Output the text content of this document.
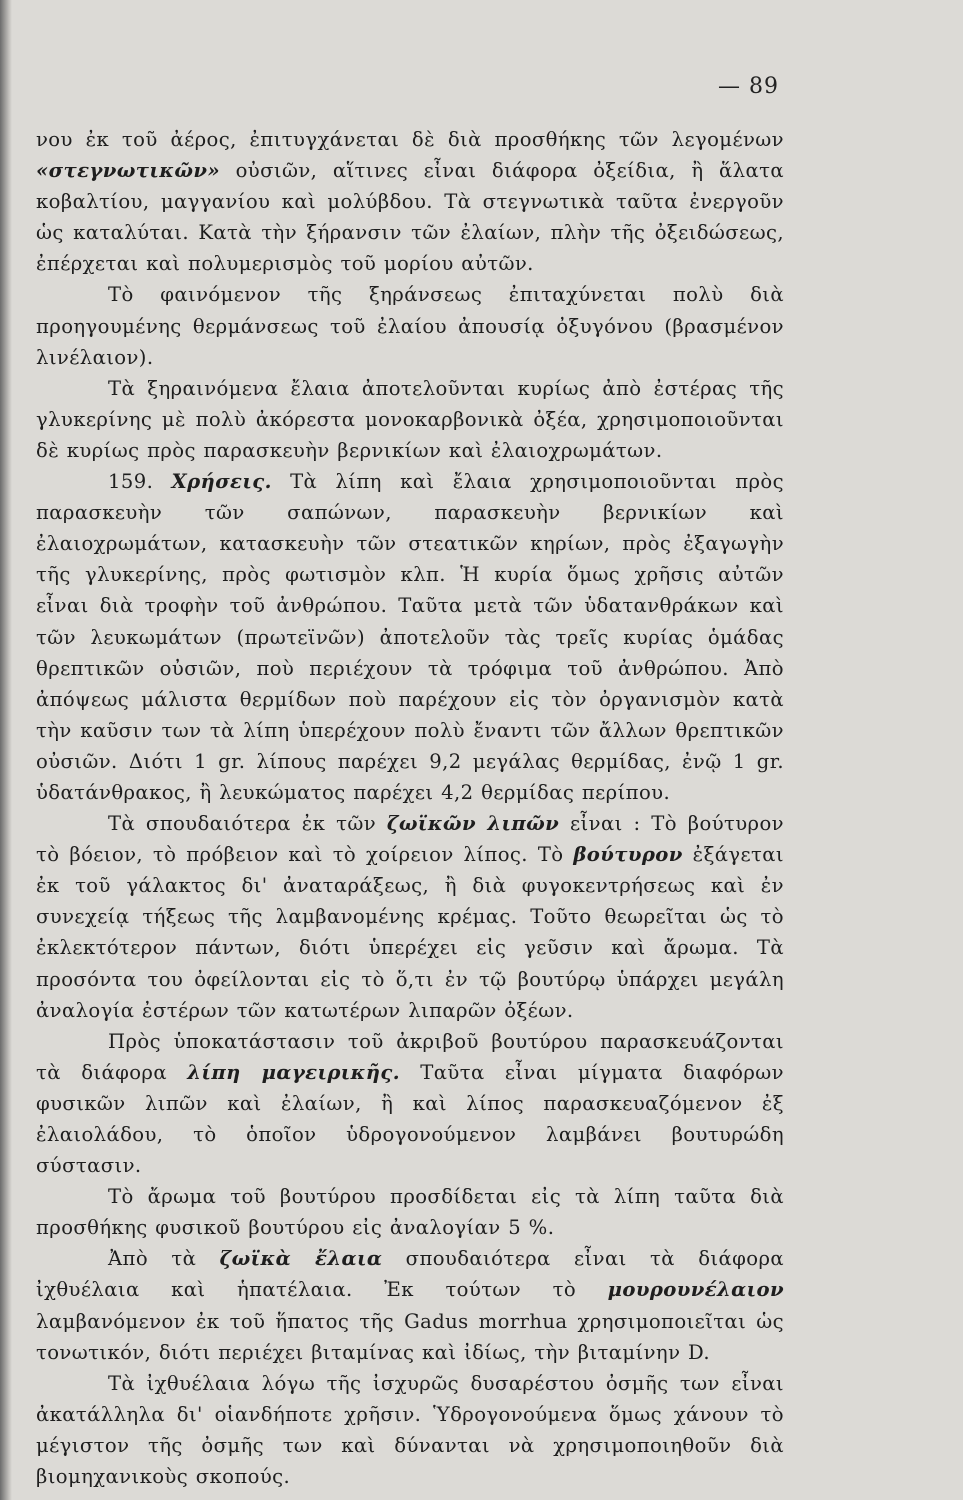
— 89

νου ἐκ τοῦ ἀέρος, ἐπιτυγχάνεται δὲ διὰ προσθήκης τῶν λεγομένων «στεγνωτικῶν» οὐσιῶν, αἵτινες εἶναι διάφορα ὀξείδια, ἢ ἅλατα κοβαλτίου, μαγγανίου καὶ μολύβδου. Τὰ στεγνωτικὰ ταῦτα ἐνεργοῦν ὡς καταλύται. Κατὰ τὴν ξήρανσιν τῶν ἐλαίων, πλὴν τῆς ὀξειδώσεως, ἐπέρχεται καὶ πολυμερισμὸς τοῦ μορίου αὐτῶν.

Τὸ φαινόμενον τῆς ξηράνσεως ἐπιταχύνεται πολὺ διὰ προηγουμένης θερμάνσεως τοῦ ἐλαίου ἀπουσίᾳ ὀξυγόνου (βρασμένον λινέλαιον).

Τὰ ξηραινόμενα ἔλαια ἀποτελοῦνται κυρίως ἀπὸ ἐστέρας τῆς γλυκερίνης μὲ πολὺ ἀκόρεστα μονοκαρβονικὰ ὀξέα, χρησιμοποιοῦνται δὲ κυρίως πρὸς παρασκευὴν βερνικίων καὶ ἐλαιοχρωμάτων.

159. Χρήσεις. Τὰ λίπη καὶ ἔλαια χρησιμοποιοῦνται πρὸς παρασκευὴν τῶν σαπώνων, παρασκευὴν βερνικίων καὶ ἐλαιοχρωμάτων, κατασκευὴν τῶν στεατικῶν κηρίων, πρὸς ἐξαγωγὴν τῆς γλυκερίνης, πρὸς φωτισμὸν κλπ. Ἡ κυρία ὅμως χρῆσις αὐτῶν εἶναι διὰ τροφὴν τοῦ ἀνθρώπου. Ταῦτα μετὰ τῶν ὑδατανθράκων καὶ τῶν λευκωμάτων (πρωτεϊνῶν) ἀποτελοῦν τὰς τρεῖς κυρίας ὁμάδας θρεπτικῶν οὐσιῶν, ποὺ περιέχουν τὰ τρόφιμα τοῦ ἀνθρώπου. Ἀπὸ ἀπόψεως μάλιστα θερμίδων ποὺ παρέχουν εἰς τὸν ὀργανισμὸν κατὰ τὴν καῦσιν των τὰ λίπη ὑπερέχουν πολὺ ἔναντι τῶν ἄλλων θρεπτικῶν οὐσιῶν. Διότι 1 gr. λίπους παρέχει 9,2 μεγάλας θερμίδας, ἐνῷ 1 gr. ὑδατάνθρακος, ἢ λευκώματος παρέχει 4,2 θερμίδας περίπου.

Τὰ σπουδαιότερα ἐκ τῶν ζωϊκῶν λιπῶν εἶναι : Τὸ βούτυρον τὸ βόειον, τὸ πρόβειον καὶ τὸ χοίρειον λίπος. Τὸ βούτυρον ἐξάγεται ἐκ τοῦ γάλακτος δι' ἀναταράξεως, ἢ διὰ φυγοκεντρήσεως καὶ ἐν συνεχείᾳ τήξεως τῆς λαμβανομένης κρέμας. Τοῦτο θεωρεῖται ὡς τὸ ἐκλεκτότερον πάντων, διότι ὑπερέχει εἰς γεῦσιν καὶ ἄρωμα. Τὰ προσόντα του ὀφείλονται εἰς τὸ ὅ,τι ἐν τῷ βουτύρῳ ὑπάρχει μεγάλη ἀναλογία ἐστέρων τῶν κατωτέρων λιπαρῶν ὀξέων.

Πρὸς ὑποκατάστασιν τοῦ ἀκριβοῦ βουτύρου παρασκευάζονται τὰ διάφορα λίπη μαγειρικῆς. Ταῦτα εἶναι μίγματα διαφόρων φυσικῶν λιπῶν καὶ ἐλαίων, ἢ καὶ λίπος παρασκευαζόμενον ἐξ ἐλαιολάδου, τὸ ὁποῖον ὑδρογονούμενον λαμβάνει βουτυρώδη σύστασιν.

Τὸ ἄρωμα τοῦ βουτύρου προσδίδεται εἰς τὰ λίπη ταῦτα διὰ προσθήκης φυσικοῦ βουτύρου εἰς ἀναλογίαν 5 %.

Ἀπὸ τὰ ζωϊκὰ ἔλαια σπουδαιότερα εἶναι τὰ διάφορα ἰχθυέλαια καὶ ἡπατέλαια. Ἐκ τούτων τὸ μουρουνέλαιον λαμβανόμενον ἐκ τοῦ ἥπατος τῆς Gadus morrhua χρησιμοποιεῖται ὡς τονωτικόν, διότι περιέχει βιταμίνας καὶ ἰδίως, τὴν βιταμίνην D.

Τὰ ἰχθυέλαια λόγω τῆς ἰσχυρῶς δυσαρέστου ὀσμῆς των εἶναι ἀκατάλληλα δι' οἱανδήποτε χρῆσιν. Ὑδρογονούμενα ὅμως χάνουν τὸ μέγιστον τῆς ὀσμῆς των καὶ δύνανται νὰ χρησιμοποιηθοῦν διὰ βιομηχανικοὺς σκοπούς.
